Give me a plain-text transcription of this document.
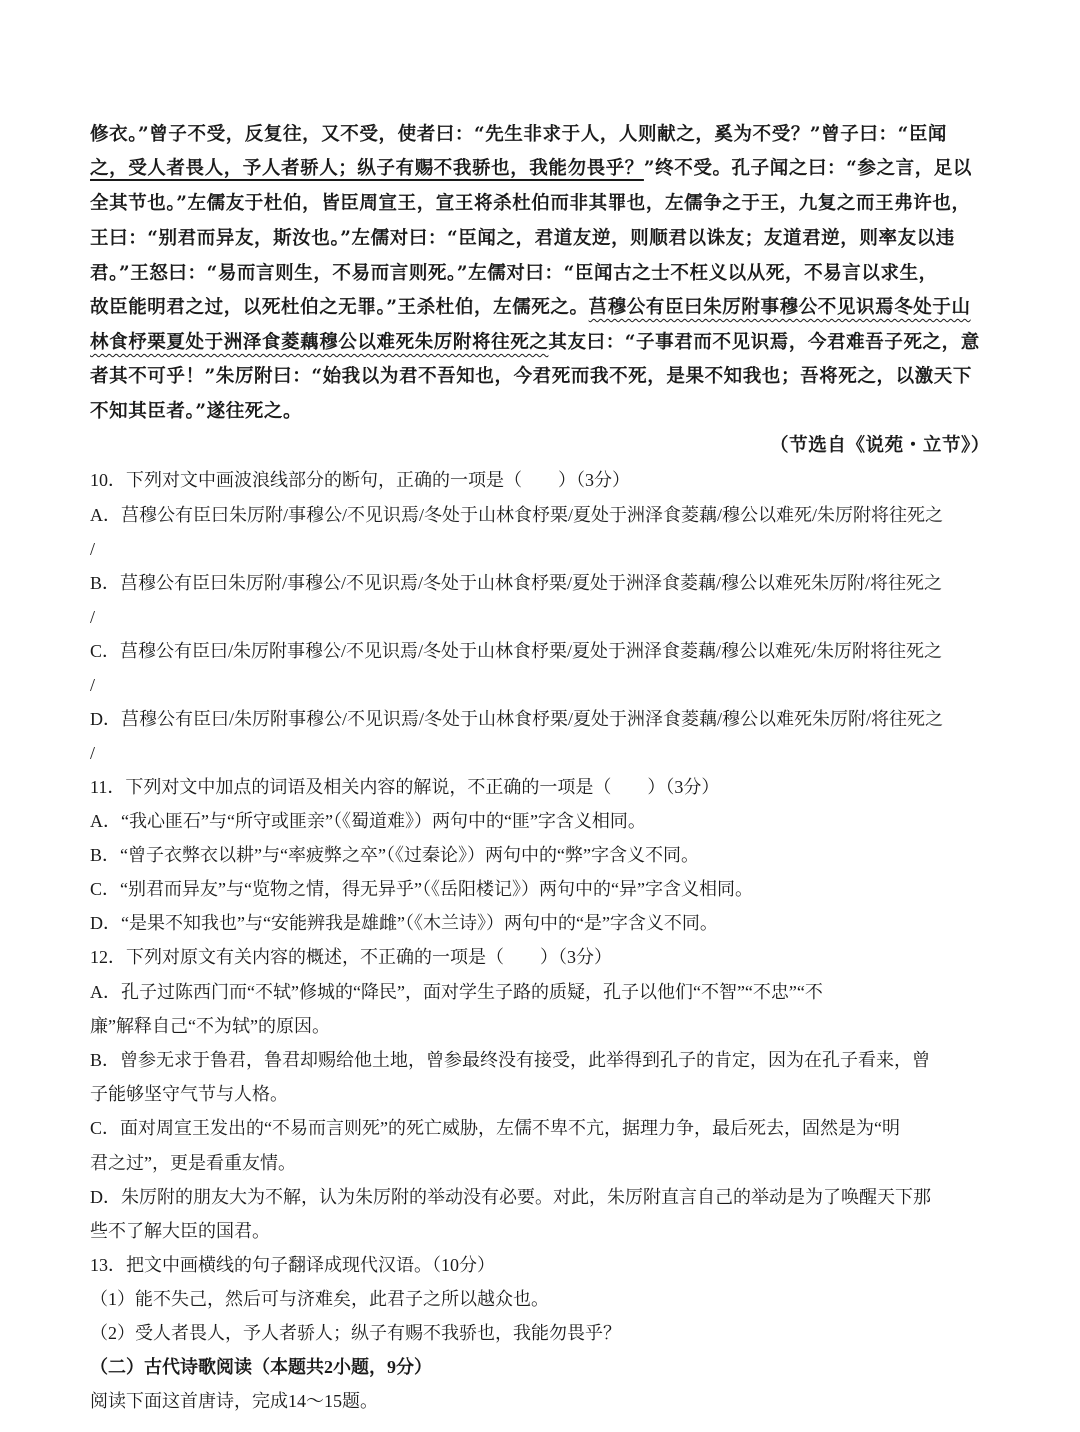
修衣。”曾子不受，反复往，又不受，使者曰：“先生非求于人，人则献之，奚为不受？”曾子曰：“臣闻
之，受人者畏人，予人者骄人；纵子有赐不我骄也，我能勿畏乎？”终不受。孔子闻之曰：“参之言，足以
全其节也。”左儒友于杜伯，皆臣周宣王，宣王将杀杜伯而非其罪也，左儒争之于王，九复之而王弗许也，
王曰：“别君而异友，斯汝也。”左儒对曰：“臣闻之，君道友逆，则顺君以诛友；友道君逆，则率友以违
君。”王怒曰：“易而言则生，不易而言则死。”左儒对曰：“臣闻古之士不枉义以从死，不易言以求生，
故臣能明君之过，以死杜伯之无罪。”王杀杜伯，左儒死之。莒穆公有臣曰朱厉附事穆公不见识焉冬处于山
林食杼栗夏处于洲泽食菱藕穆公以难死朱厉附将往死之其友曰：“子事君而不见识焉，今君难吾子死之，意
者其不可乎！”朱厉附曰：“始我以为君不吾知也，今君死而我不死，是果不知我也；吾将死之，以激天下
不知其臣者。”遂往死之。
（节选自《说苑・立节》）
10．下列对文中画波浪线部分的断句，正确的一项是（　　）（3分）
A．莒穆公有臣曰朱厉附/事穆公/不见识焉/冬处于山林食杼栗/夏处于洲泽食菱藕/穆公以难死/朱厉附将往死之
/
B．莒穆公有臣曰朱厉附/事穆公/不见识焉/冬处于山林食杼栗/夏处于洲泽食菱藕/穆公以难死朱厉附/将往死之
/
C．莒穆公有臣曰/朱厉附事穆公/不见识焉/冬处于山林食杼栗/夏处于洲泽食菱藕/穆公以难死/朱厉附将往死之
/
D．莒穆公有臣曰/朱厉附事穆公/不见识焉/冬处于山林食杼栗/夏处于洲泽食菱藕/穆公以难死朱厉附/将往死之
/
11．下列对文中加点的词语及相关内容的解说，不正确的一项是（　　）（3分）
A．“我心匪石”与“所守或匪亲”（《蜀道难》）两句中的“匪”字含义相同。
B．“曾子衣弊衣以耕”与“率疲弊之卒”（《过秦论》）两句中的“弊”字含义不同。
C．“别君而异友”与“览物之情，得无异乎”（《岳阳楼记》）两句中的“异”字含义相同。
D．“是果不知我也”与“安能辨我是雄雌”（《木兰诗》）两句中的“是”字含义不同。
12．下列对原文有关内容的概述，不正确的一项是（　　）（3分）
A．孔子过陈西门而“不轼”修城的“降民”，面对学生子路的质疑，孔子以他们“不智”“不忠”“不
廉”解释自己“不为轼”的原因。
B．曾参无求于鲁君，鲁君却赐给他土地，曾参最终没有接受，此举得到孔子的肯定，因为在孔子看来，曾
子能够坚守气节与人格。
C．面对周宣王发出的“不易而言则死”的死亡威胁，左儒不卑不亢，据理力争，最后死去，固然是为“明
君之过”，更是看重友情。
D．朱厉附的朋友大为不解，认为朱厉附的举动没有必要。对此，朱厉附直言自己的举动是为了唤醒天下那
些不了解大臣的国君。
13．把文中画横线的句子翻译成现代汉语。（10分）
（1）能不失己，然后可与济难矣，此君子之所以越众也。
（2）受人者畏人，予人者骄人；纵子有赐不我骄也，我能勿畏乎？
（二）古代诗歌阅读（本题共2小题，9分）
阅读下面这首唐诗，完成14～15题。
